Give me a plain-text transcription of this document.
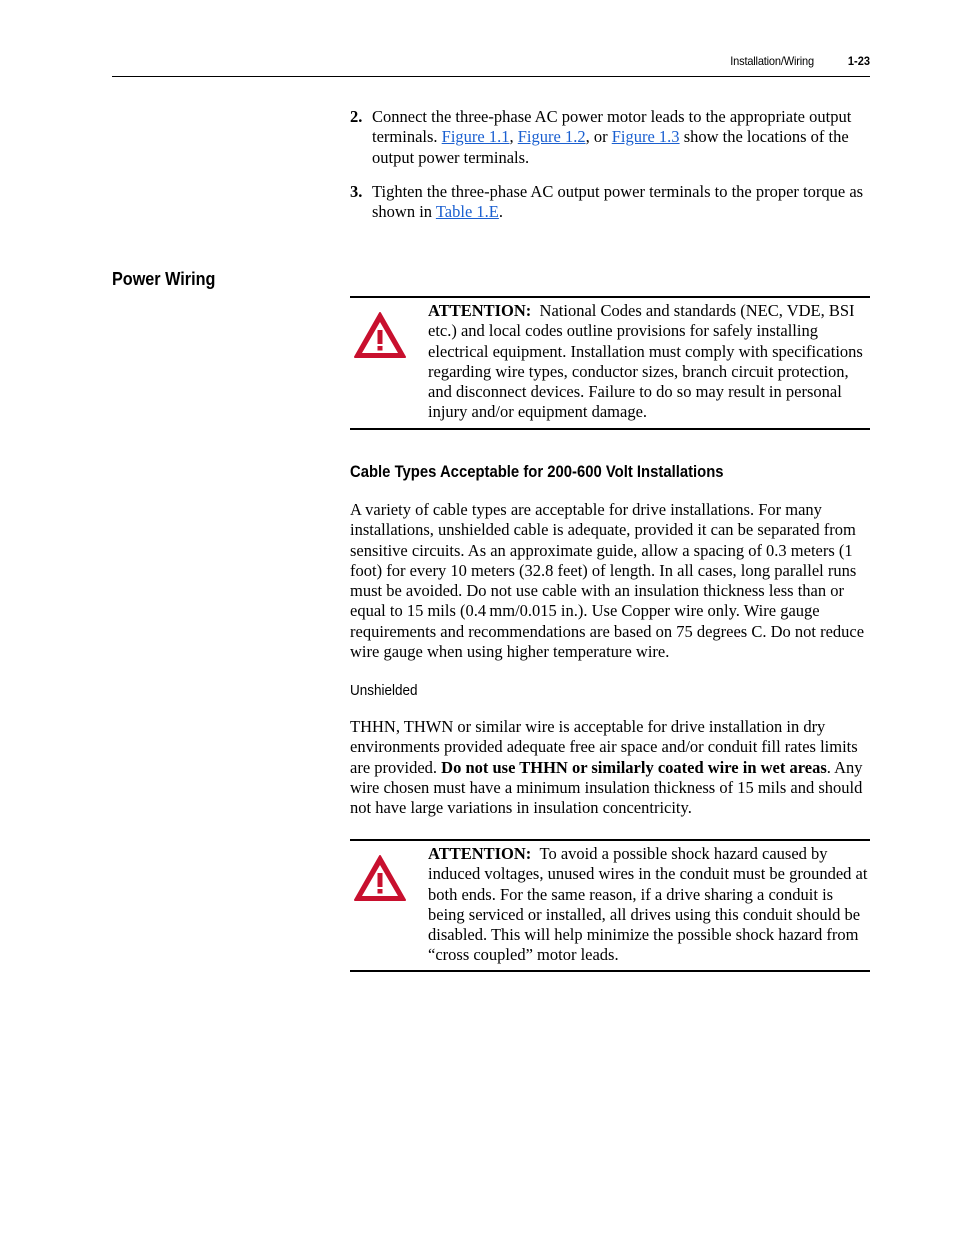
Installation/Wiring	1-23
2. Connect the three-phase AC power motor leads to the appropriate output terminals. Figure 1.1, Figure 1.2, or Figure 1.3 show the locations of the output power terminals.
3. Tighten the three-phase AC output power terminals to the proper torque as shown in Table 1.E.
Power Wiring
ATTENTION: National Codes and standards (NEC, VDE, BSI etc.) and local codes outline provisions for safely installing electrical equipment. Installation must comply with specifications regarding wire types, conductor sizes, branch circuit protection, and disconnect devices. Failure to do so may result in personal injury and/or equipment damage.
Cable Types Acceptable for 200-600 Volt Installations
A variety of cable types are acceptable for drive installations. For many installations, unshielded cable is adequate, provided it can be separated from sensitive circuits. As an approximate guide, allow a spacing of 0.3 meters (1 foot) for every 10 meters (32.8 feet) of length. In all cases, long parallel runs must be avoided. Do not use cable with an insulation thickness less than or equal to 15 mils (0.4 mm/0.015 in.). Use Copper wire only. Wire gauge requirements and recommendations are based on 75 degrees C. Do not reduce wire gauge when using higher temperature wire.
Unshielded
THHN, THWN or similar wire is acceptable for drive installation in dry environments provided adequate free air space and/or conduit fill rates limits are provided. Do not use THHN or similarly coated wire in wet areas. Any wire chosen must have a minimum insulation thickness of 15 mils and should not have large variations in insulation concentricity.
ATTENTION: To avoid a possible shock hazard caused by induced voltages, unused wires in the conduit must be grounded at both ends. For the same reason, if a drive sharing a conduit is being serviced or installed, all drives using this conduit should be disabled. This will help minimize the possible shock hazard from “cross coupled” motor leads.
